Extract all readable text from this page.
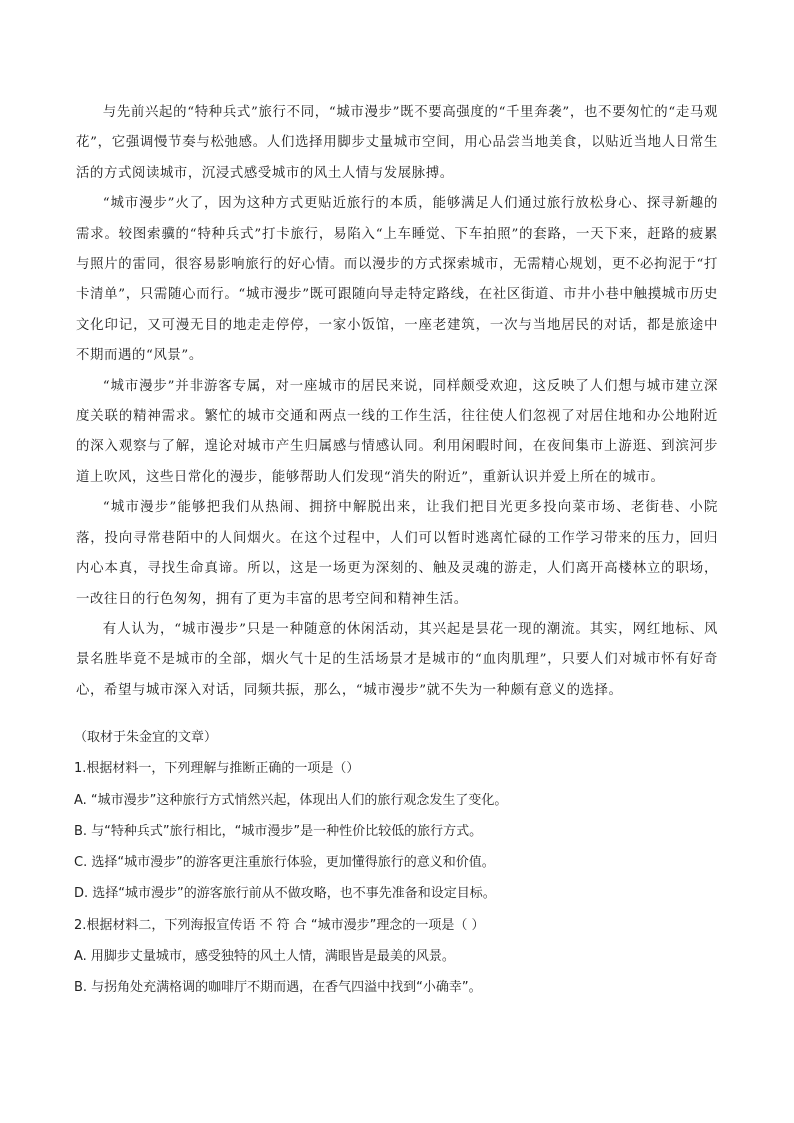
与先前兴起的“特种兵式”旅行不同，“城市漫步”既不要高强度的“千里奔袭”，也不要匆忙的“走马观花”，它强调慢节奏与松弛感。人们选择用脚步丈量城市空间，用心品尝当地美食，以贴近当地人日常生活的方式阅读城市，沉浸式感受城市的风土人情与发展脉搏。

“城市漫步”火了，因为这种方式更贴近旅行的本质，能够满足人们通过旅行放松身心、探寻新趣的需求。较图索骥的“特种兵式”打卡旅行，易陷入“上车睡觉、下车拍照”的套路，一天下来，赶路的疲累与照片的雷同，很容易影响旅行的好心情。而以漫步的方式探索城市，无需精心规划，更不必拘泥于“打卡清单”，只需随心而行。“城市漫步”既可跟随向导走特定路线，在社区街道、市井小巷中触摸城市历史文化印记，又可漫无目的地走走停停，一家小饭馆，一座老建筑，一次与当地居民的对话，都是旅途中不期而遇的“风景”。

“城市漫步”并非游客专属，对一座城市的居民来说，同样颇受欢迎，这反映了人们想与城市建立深度关联的精神需求。繁忙的城市交通和两点一线的工作生活，往往使人们忽视了对居住地和办公地附近的深入观察与了解，遑论对城市产生归属感与情感认同。利用闲暇时间，在夜间集市上游逛、到滨河步道上吹风，这些日常化的漫步，能够帮助人们发现“消失的附近”，重新认识并爱上所在的城市。

“城市漫步”能够把我们从热闹、拥挤中解脱出来，让我们把目光更多投向菜市场、老街巷、小院落，投向寻常巷陌中的人间烟火。在这个过程中，人们可以暂时逃离忙碌的工作学习带来的压力，回归内心本真，寻找生命真谛。所以，这是一场更为深刻的、触及灵魂的游走，人们离开高楼林立的职场，一改往日的行色匆匆，拥有了更为丰富的思考空间和精神生活。

有人认为，“城市漫步”只是一种随意的休闲活动，其兴起是昙花一现的潮流。其实，网红地标、风景名胜毕竟不是城市的全部，烟火气十足的生活场景才是城市的“血肉肌理”，只要人们对城市怀有好奇心，希望与城市深入对话，同频共振，那么，“城市漫步”就不失为一种颇有意义的选择。

（取材于朱金宜的文章）
1.根据材料一，下列理解与推断正确的一项是（）
A. “城市漫步”这种旅行方式悄然兴起，体现出人们的旅行观念发生了变化。
B. 与“特种兵式”旅行相比，“城市漫步”是一种性价比较低的旅行方式。
C. 选择“城市漫步”的游客更注重旅行体验，更加懂得旅行的意义和价值。
D. 选择“城市漫步”的游客旅行前从不做攻略，也不事先准备和设定目标。
2.根据材料二，下列海报宣传语 不 符 合 “城市漫步”理念的一项是（ ）
A. 用脚步丈量城市，感受独特的风土人情，满眼皆是最美的风景。
B. 与拐角处充满格调的咖啡厅不期而遇，在香气四溢中找到“小确幸”。
